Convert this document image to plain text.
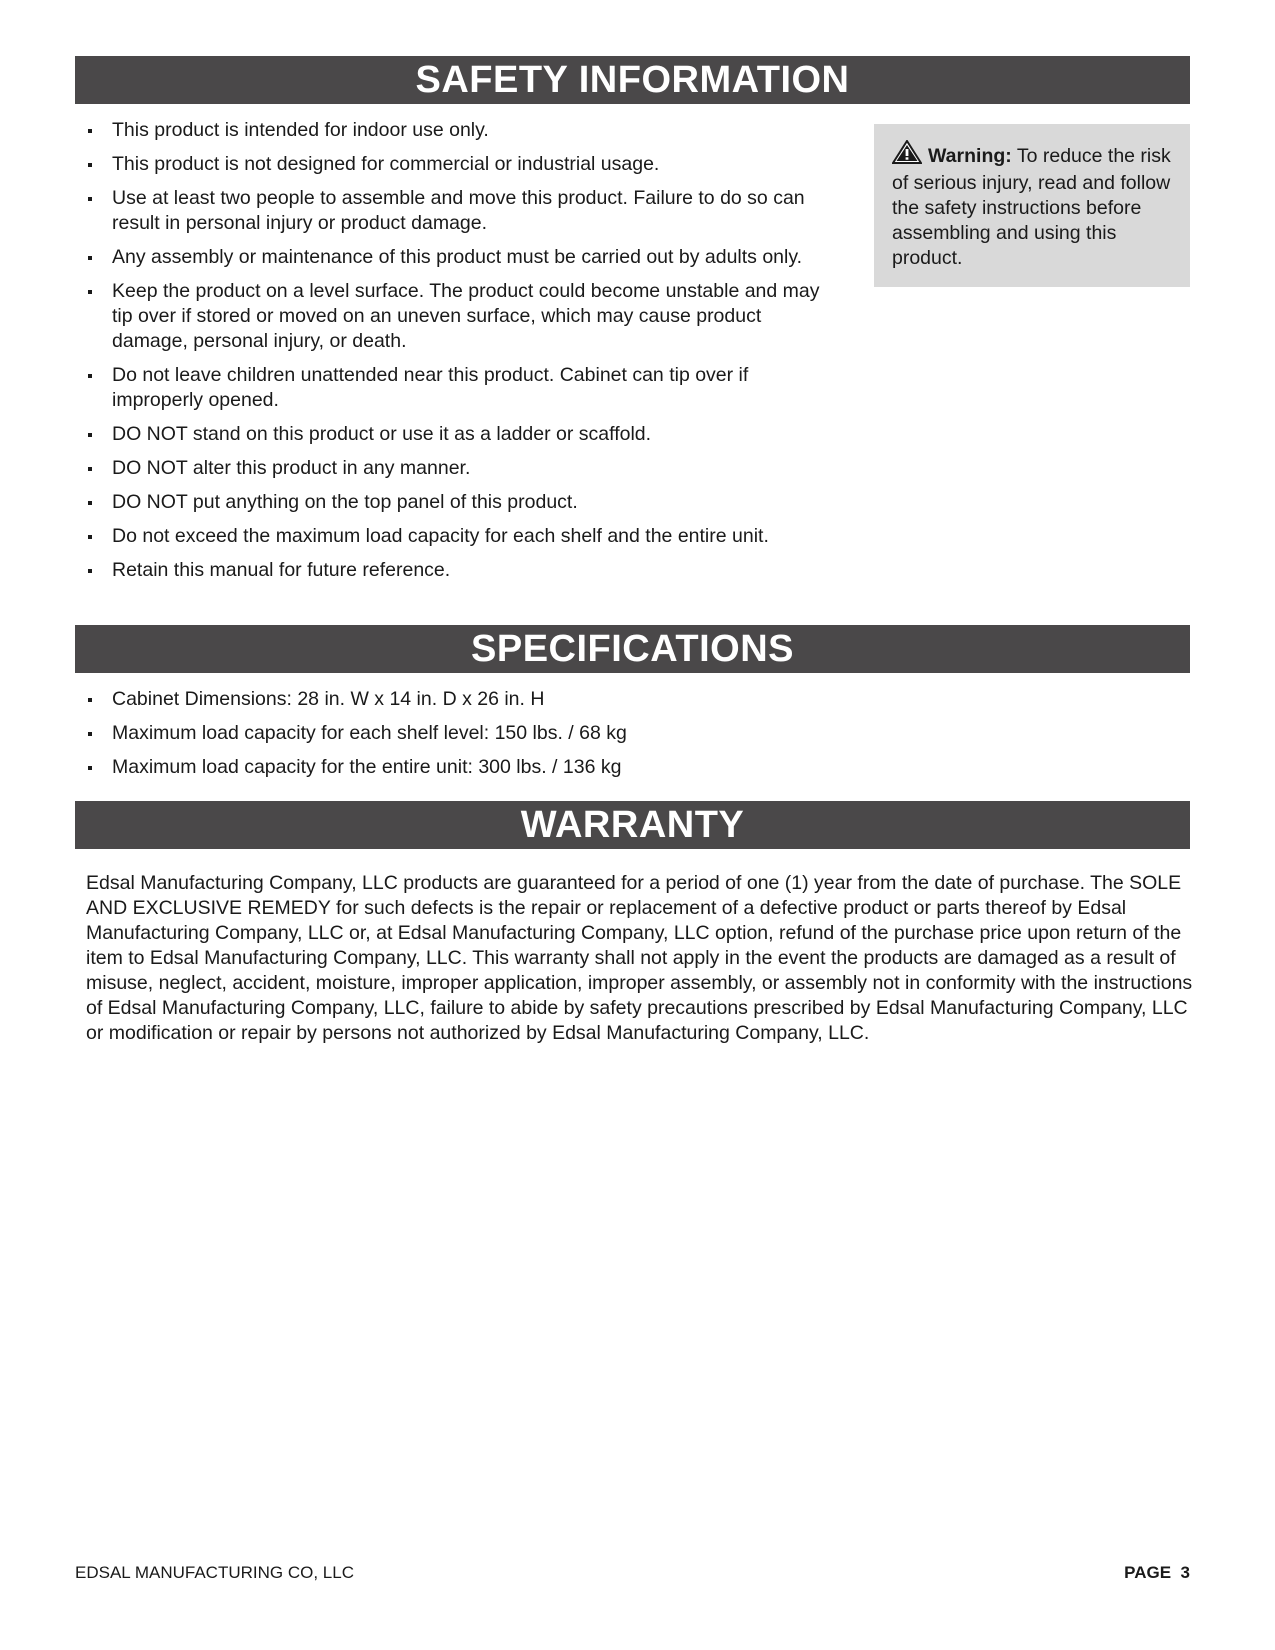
SAFETY INFORMATION
This product is intended for indoor use only.
This product is not designed for commercial or industrial usage.
Use at least two people to assemble and move this product. Failure to do so can result in personal injury or product damage.
Any assembly or maintenance of this product must be carried out by adults only.
Keep the product on a level surface. The product could become unstable and may tip over if stored or moved on an uneven surface, which may cause product damage, personal injury, or death.
Do not leave children unattended near this product. Cabinet can tip over if improperly opened.
DO NOT stand on this product or use it as a ladder or scaffold.
DO NOT alter this product in any manner.
DO NOT put anything on the top panel of this product.
Do not exceed the maximum load capacity for each shelf and the entire unit.
Retain this manual for future reference.
Warning: To reduce the risk of serious injury, read and follow the safety instructions before assembling and using this product.
SPECIFICATIONS
Cabinet Dimensions: 28 in. W x 14 in. D x 26 in. H
Maximum load capacity for each shelf level: 150 lbs. / 68 kg
Maximum load capacity for the entire unit: 300 lbs. / 136 kg
WARRANTY

Edsal Manufacturing Company, LLC products are guaranteed for a period of one (1) year from the date of purchase. The SOLE AND EXCLUSIVE REMEDY for such defects is the repair or replacement of a defective product or parts thereof by Edsal Manufacturing Company, LLC or, at Edsal Manufacturing Company, LLC option, refund of the purchase price upon return of the item to Edsal Manufacturing Company, LLC. This warranty shall not apply in the event the products are damaged as a result of misuse, neglect, accident, moisture, improper application, improper assembly, or assembly not in conformity with the instructions of Edsal Manufacturing Company, LLC, failure to abide by safety precautions prescribed by Edsal Manufacturing Company, LLC or modification or repair by persons not authorized by Edsal Manufacturing Company, LLC.

EDSAL MANUFACTURING CO, LLC	PAGE  3
